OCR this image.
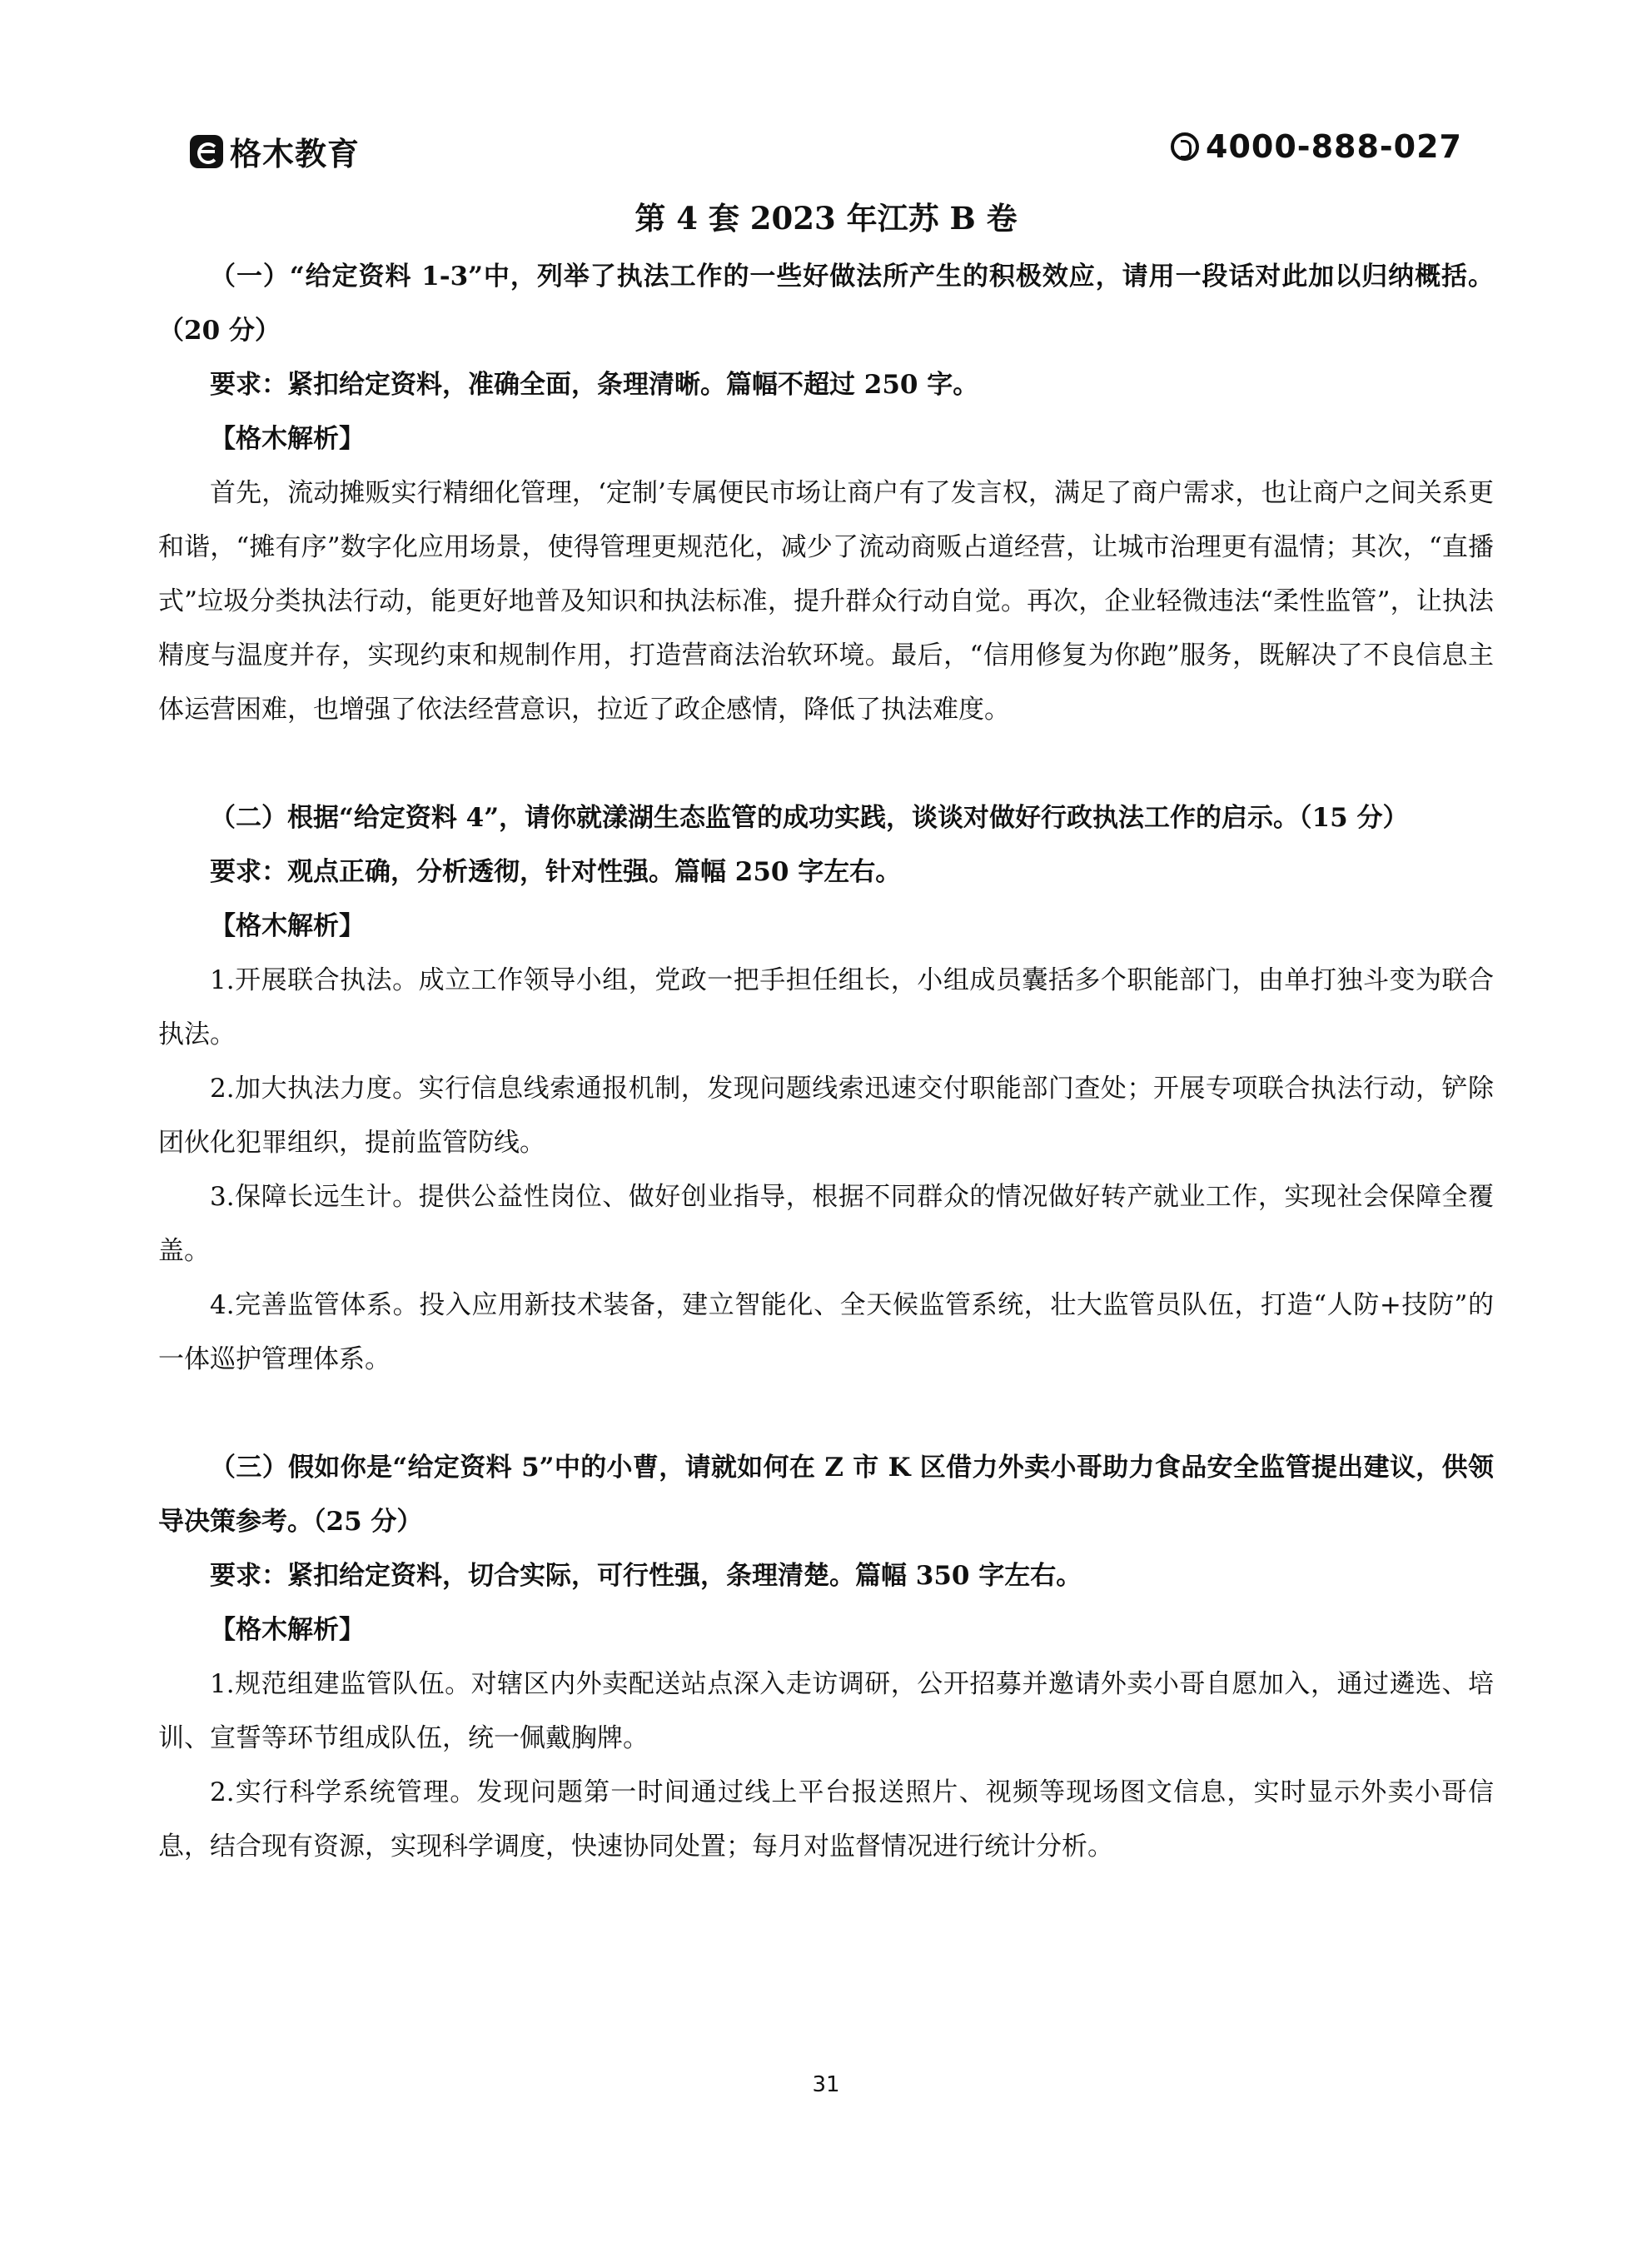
格木教育	4000-888-027
第 4 套 2023 年江苏 B 卷

（一）“给定资料 1-3”中，列举了执法工作的一些好做法所产生的积极效应，请用一段话对此加以归纳概括。（20 分）

要求：紧扣给定资料，准确全面，条理清晰。篇幅不超过 250 字。

【格木解析】

首先，流动摊贩实行精细化管理，‘定制’专属便民市场让商户有了发言权，满足了商户需求，也让商户之间关系更和谐，“摊有序”数字化应用场景，使得管理更规范化，减少了流动商贩占道经营，让城市治理更有温情；其次，“直播式”垃圾分类执法行动，能更好地普及知识和执法标准，提升群众行动自觉。再次，企业轻微违法“柔性监管”，让执法精度与温度并存，实现约束和规制作用，打造营商法治软环境。最后，“信用修复为你跑”服务，既解决了不良信息主体运营困难，也增强了依法经营意识，拉近了政企感情，降低了执法难度。

（二）根据“给定资料 4”，请你就漾湖生态监管的成功实践，谈谈对做好行政执法工作的启示。（15 分）

要求：观点正确，分析透彻，针对性强。篇幅 250 字左右。

【格木解析】

1.开展联合执法。成立工作领导小组，党政一把手担任组长，小组成员囊括多个职能部门，由单打独斗变为联合执法。

2.加大执法力度。实行信息线索通报机制，发现问题线索迅速交付职能部门查处；开展专项联合执法行动，铲除团伙化犯罪组织，提前监管防线。

3.保障长远生计。提供公益性岗位、做好创业指导，根据不同群众的情况做好转产就业工作，实现社会保障全覆盖。

4.完善监管体系。投入应用新技术装备，建立智能化、全天候监管系统，壮大监管员队伍，打造“人防+技防”的一体巡护管理体系。

（三）假如你是“给定资料 5”中的小曹，请就如何在 Z 市 K 区借力外卖小哥助力食品安全监管提出建议，供领导决策参考。（25 分）

要求：紧扣给定资料，切合实际，可行性强，条理清楚。篇幅 350 字左右。

【格木解析】

1.规范组建监管队伍。对辖区内外卖配送站点深入走访调研，公开招募并邀请外卖小哥自愿加入，通过遴选、培训、宣誓等环节组成队伍，统一佩戴胸牌。

2.实行科学系统管理。发现问题第一时间通过线上平台报送照片、视频等现场图文信息，实时显示外卖小哥信息，结合现有资源，实现科学调度，快速协同处置；每月对监督情况进行统计分析。

31
